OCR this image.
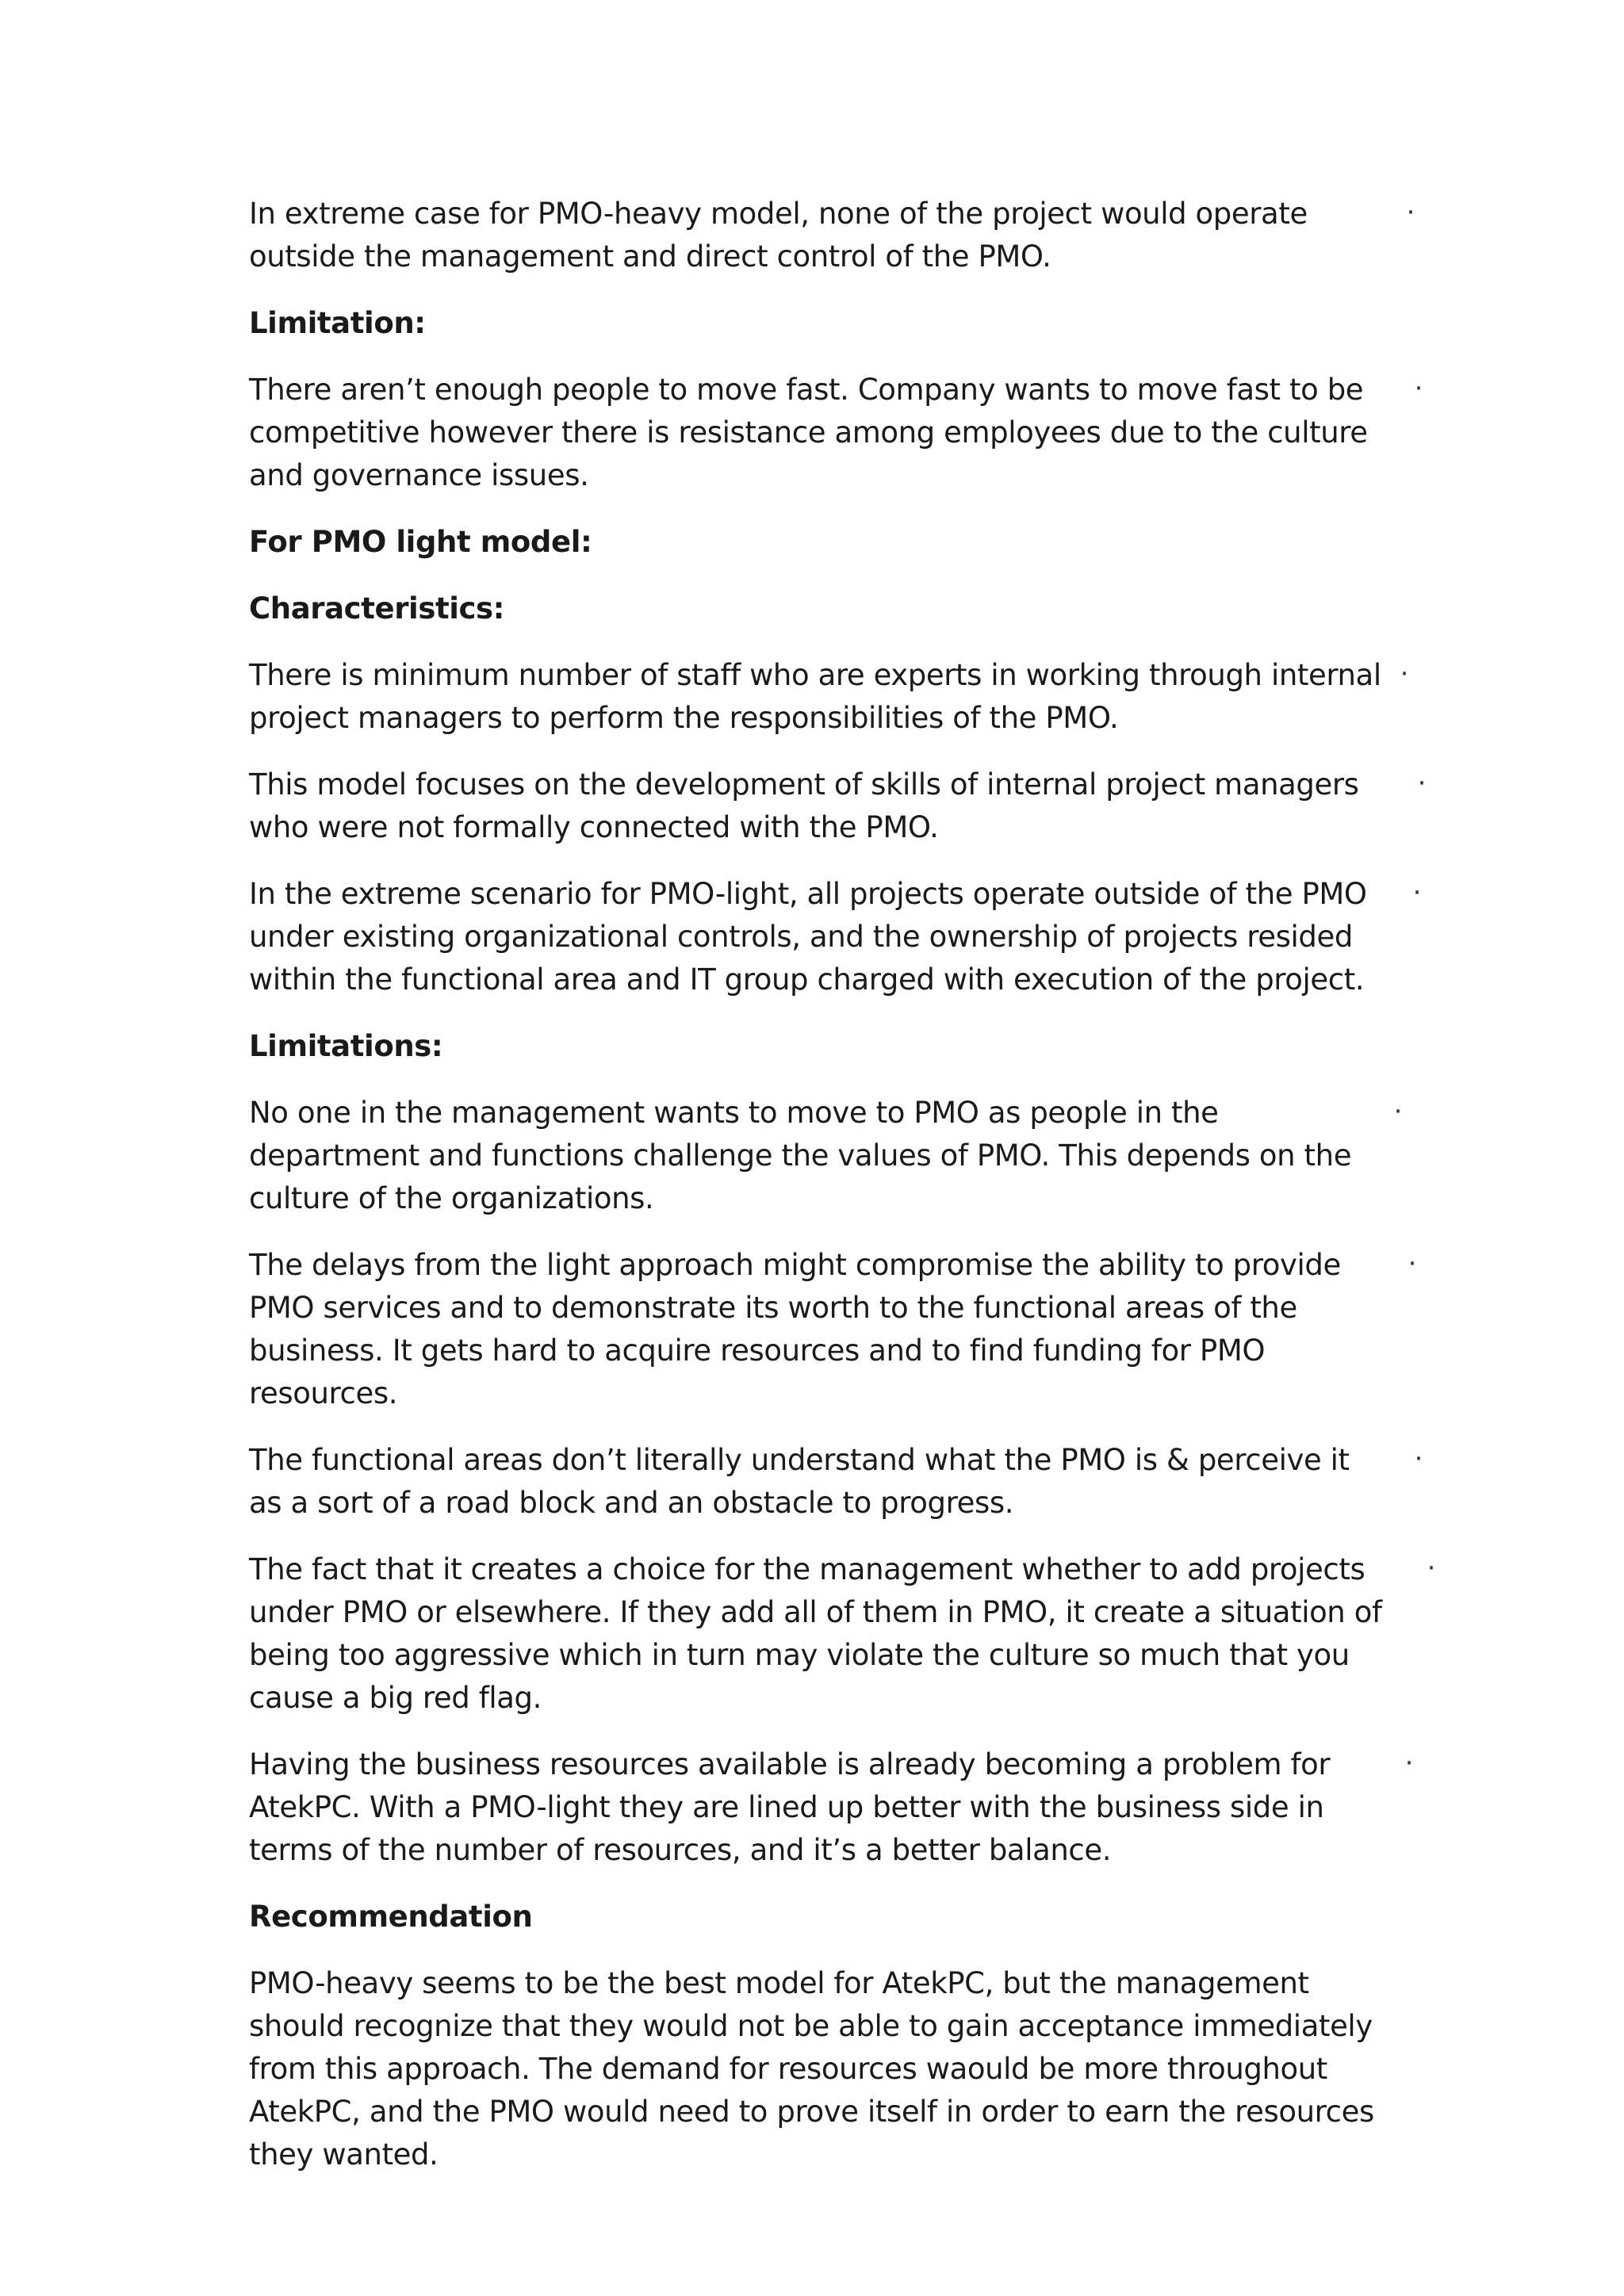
In extreme case for PMO-heavy model, none of the project would operate outside the management and direct control of the PMO.
·

Limitation:

There aren’t enough people to move fast. Company wants to move fast to be competitive however there is resistance among employees due to the culture and governance issues.
·

For PMO light model:

Characteristics:

There is minimum number of staff who are experts in working through internal project managers to perform the responsibilities of the PMO.
·

This model focuses on the development of skills of internal project managers who were not formally connected with the PMO.
·

In the extreme scenario for PMO-light, all projects operate outside of the PMO under existing organizational controls, and the ownership of projects resided within the functional area and IT group charged with execution of the project.
·

Limitations:

No one in the management wants to move to PMO as people in the department and functions challenge the values of PMO. This depends on the culture of the organizations.
·

The delays from the light approach might compromise the ability to provide PMO services and to demonstrate its worth to the functional areas of the business. It gets hard to acquire resources and to find funding for PMO resources.
·

The functional areas don’t literally understand what the PMO is & perceive it as a sort of a road block and an obstacle to progress.
·

The fact that it creates a choice for the management whether to add projects under PMO or elsewhere. If they add all of them in PMO, it create a situation of being too aggressive which in turn may violate the culture so much that you cause a big red flag.
·

Having the business resources available is already becoming a problem for AtekPC. With a PMO-light they are lined up better with the business side in terms of the number of resources, and it’s a better balance.
·

Recommendation

PMO-heavy seems to be the best model for AtekPC, but the management should recognize that they would not be able to gain acceptance immediately from this approach. The demand for resources waould be more throughout AtekPC, and the PMO would need to prove itself in order to earn the resources they wanted.
